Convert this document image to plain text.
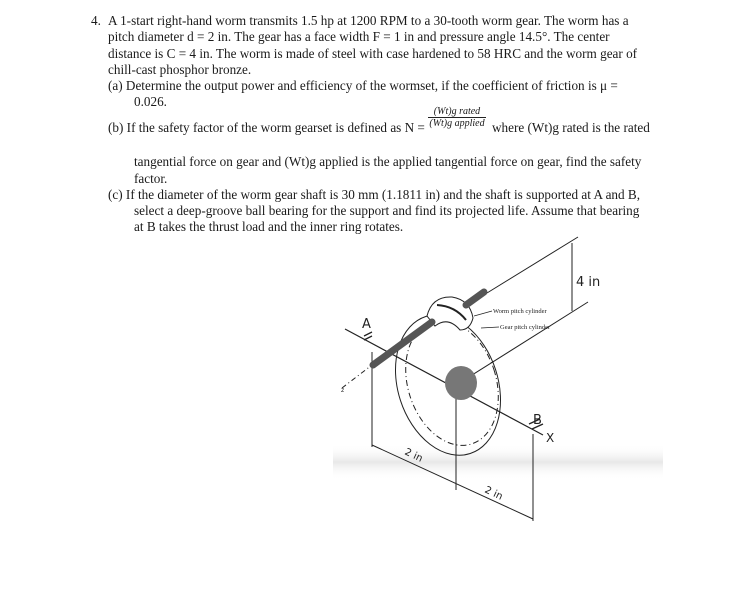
4. A 1-start right-hand worm transmits 1.5 hp at 1200 RPM to a 30-tooth worm gear. The worm has a
pitch diameter d = 2 in. The gear has a face width F = 1 in and pressure angle 14.5°. The center
distance is C = 4 in. The worm is made of steel with case hardened to 58 HRC and the worm gear of
chill-cast phosphor bronze.
(a) Determine the output power and efficiency of the wormset, if the coefficient of friction is μ =
0.026.
(b) If the safety factor of the worm gearset is defined as N =
(Wt)g rated
(Wt)g applied where (Wt)g rated is the rated
tangential force on gear and (Wt)g applied is the applied tangential force on gear, find the safety
factor.
(c) If the diameter of the worm gear shaft is 30 mm (1.1811 in) and the shaft is supported at A and B,
select a deep-groove ball bearing for the support and find its projected life. Assume that bearing
at B takes the thrust load and the inner ring rotates.
A
B
X
z
4 in
2 in
2 in
Worm pitch cylinder
Gear pitch cylinder
